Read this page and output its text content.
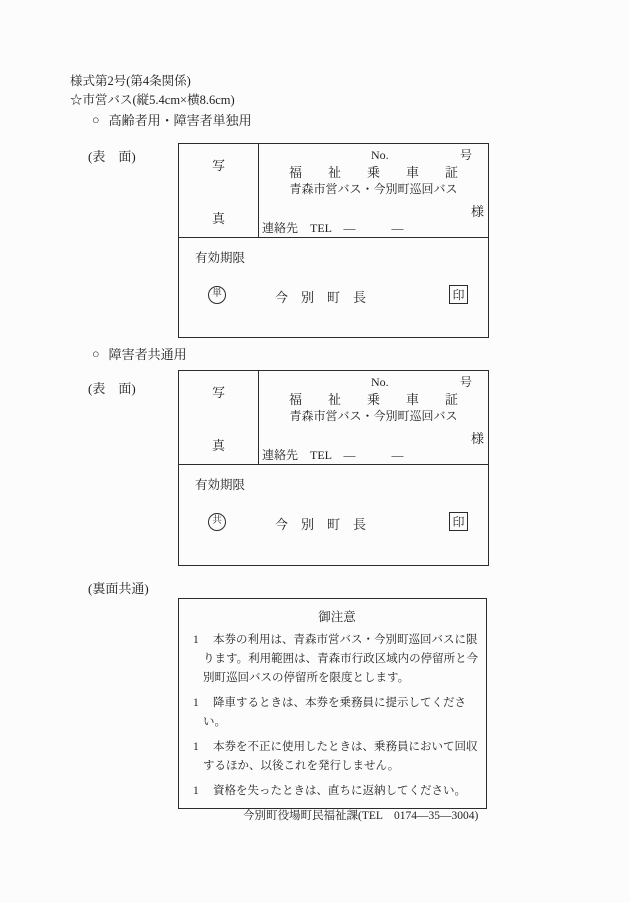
様式第2号(第4条関係)
☆市営バス(縦5.4cm×横8.6cm)
○ 高齢者用・障害者単独用
(表　面)
写
真
No.	号
福　　祉　　乗　　車　　証
青森市営バス・今別町巡回バス
様
連絡先　TEL　―　　　―
有効期限
単	今　別　町　長	印
○ 障害者共通用
(表　面)	写
真
No.	号
福　　祉　　乗　　車　　証
青森市営バス・今別町巡回バス
様
連絡先　TEL　―　　　―
有効期限
共	今　別　町　長	印
(裏面共通)
御注意

1 本券の利用は、青森市営バス・今別町巡回バスに限ります。利用範囲は、青森市行政区域内の停留所と今別町巡回バスの停留所を限度とします。

1 降車するときは、本券を乗務員に提示してください。

1 本券を不正に使用したときは、乗務員において回収するほか、以後これを発行しません。

1 資格を失ったときは、直ちに返納してください。

今別町役場町民福祉課(TEL　0174―35―3004)
